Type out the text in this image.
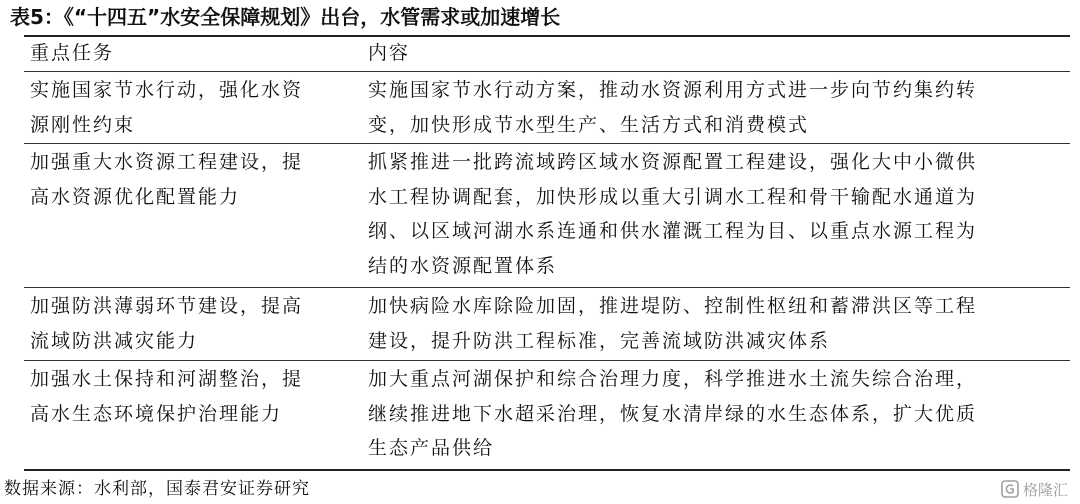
表5：《“十四五”水安全保障规划》出台，水管需求或加速增长
重点任务	内容
实施国家节水行动，强化水资
源刚性约束
实施国家节水行动方案，推动水资源利用方式进一步向节约集约转
变，加快形成节水型生产、生活方式和消费模式
加强重大水资源工程建设，提
高水资源优化配置能力
抓紧推进一批跨流域跨区域水资源配置工程建设，强化大中小微供
水工程协调配套，加快形成以重大引调水工程和骨干输配水通道为
纲、以区域河湖水系连通和供水灌溉工程为目、以重点水源工程为
结的水资源配置体系
加强防洪薄弱环节建设，提高
流域防洪减灾能力
加快病险水库除险加固，推进堤防、控制性枢纽和蓄滞洪区等工程
建设，提升防洪工程标准，完善流域防洪减灾体系
加强水土保持和河湖整治，提
高水生态环境保护治理能力
加大重点河湖保护和综合治理力度，科学推进水土流失综合治理，
继续推进地下水超采治理，恢复水清岸绿的水生态体系，扩大优质
生态产品供给
数据来源：水利部，国泰君安证券研究	格隆汇
